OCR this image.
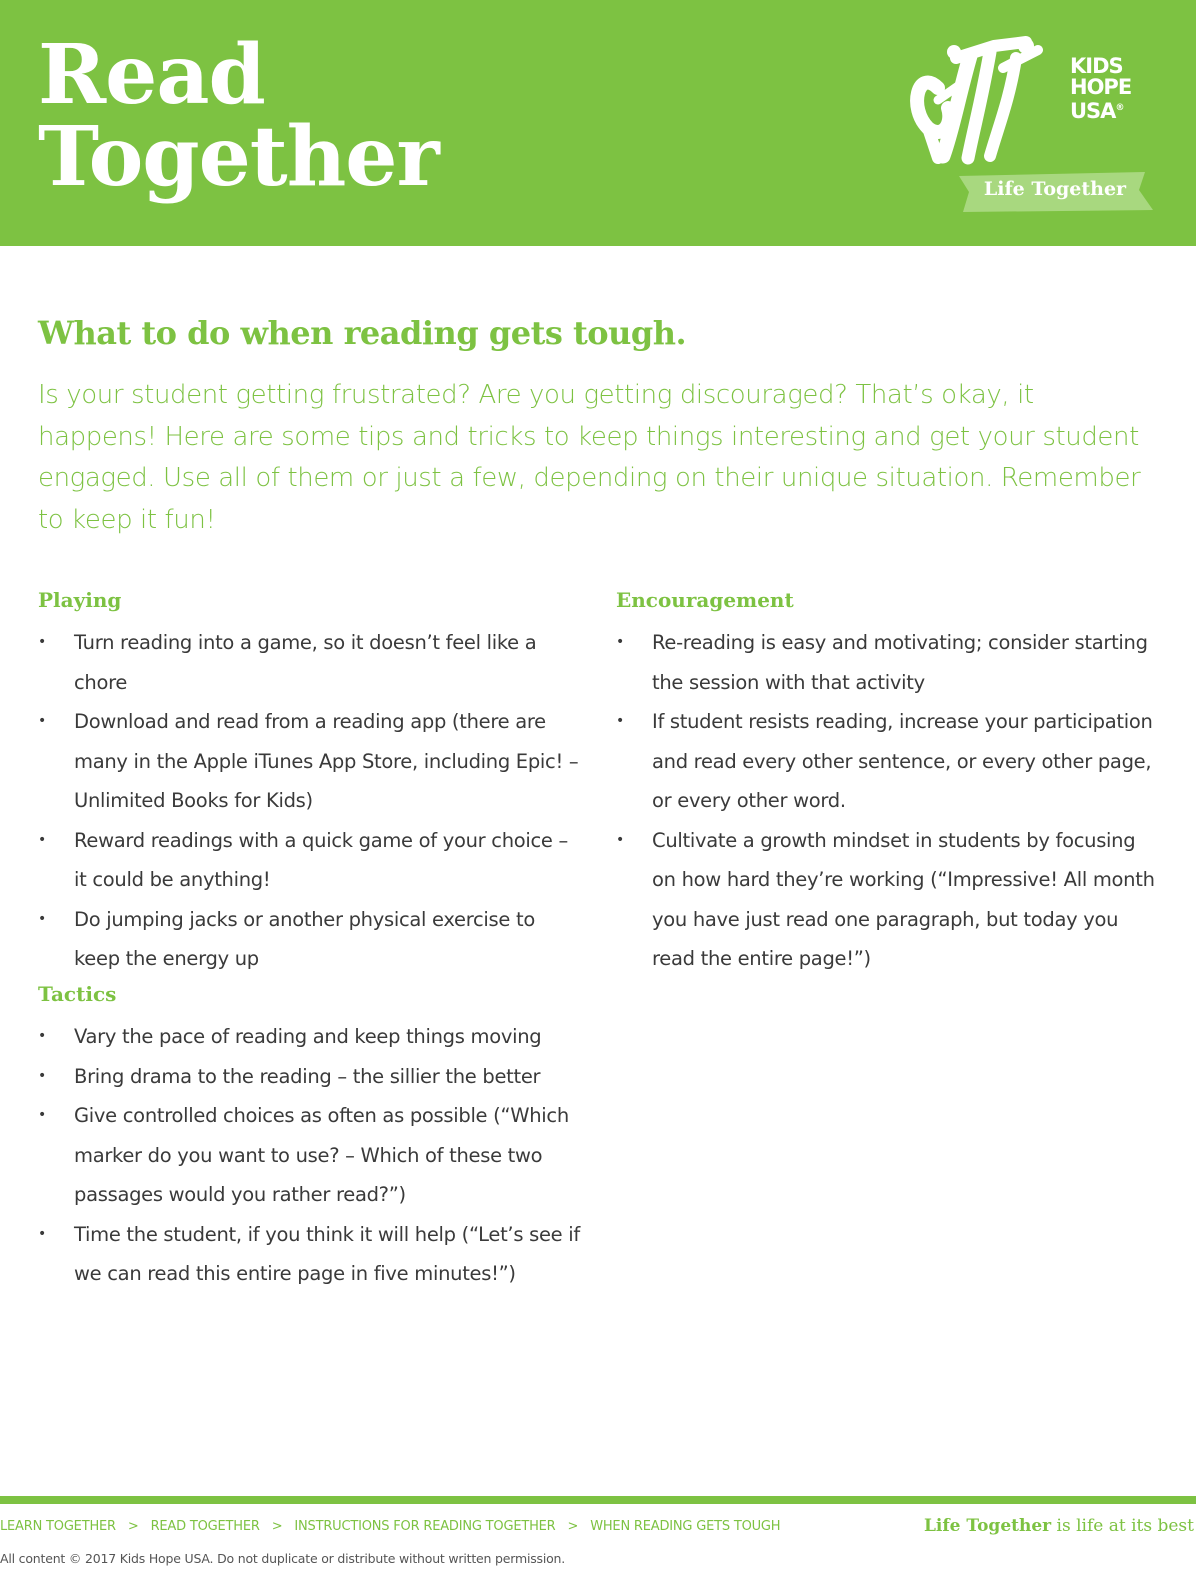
Read
Together
KIDS
HOPE
USA®
Life Together
What to do when reading gets tough.

Is your student getting frustrated? Are you getting discouraged? That’s okay, it happens! Here are some tips and tricks to keep things interesting and get your student engaged. Use all of them or just a few, depending on their unique situation. Remember to keep it fun!

Playing
•	Turn reading into a game, so it doesn’t feel like a chore
•	Download and read from a reading app (there are many in the Apple iTunes App Store, including Epic! – Unlimited Books for Kids)
•	Reward readings with a quick game of your choice – it could be anything!
•	Do jumping jacks or another physical exercise to keep the energy up
Tactics
•	Vary the pace of reading and keep things moving
•	Bring drama to the reading – the sillier the better
•	Give controlled choices as often as possible (“Which marker do you want to use? – Which of these two passages would you rather read?”)
•	Time the student, if you think it will help (“Let’s see if we can read this entire page in five minutes!”)
Encouragement
•	Re-reading is easy and motivating; consider starting the session with that activity
•	If student resists reading, increase your participation and read every other sentence, or every other page, or every other word.
•	Cultivate a growth mindset in students by focusing on how hard they’re working (“Impressive! All month you have just read one paragraph, but today you read the entire page!”)
LEARN TOGETHER > READ TOGETHER > INSTRUCTIONS FOR READING TOGETHER > WHEN READING GETS TOUGH	Life Together is life at its best
All content © 2017 Kids Hope USA. Do not duplicate or distribute without written permission.
